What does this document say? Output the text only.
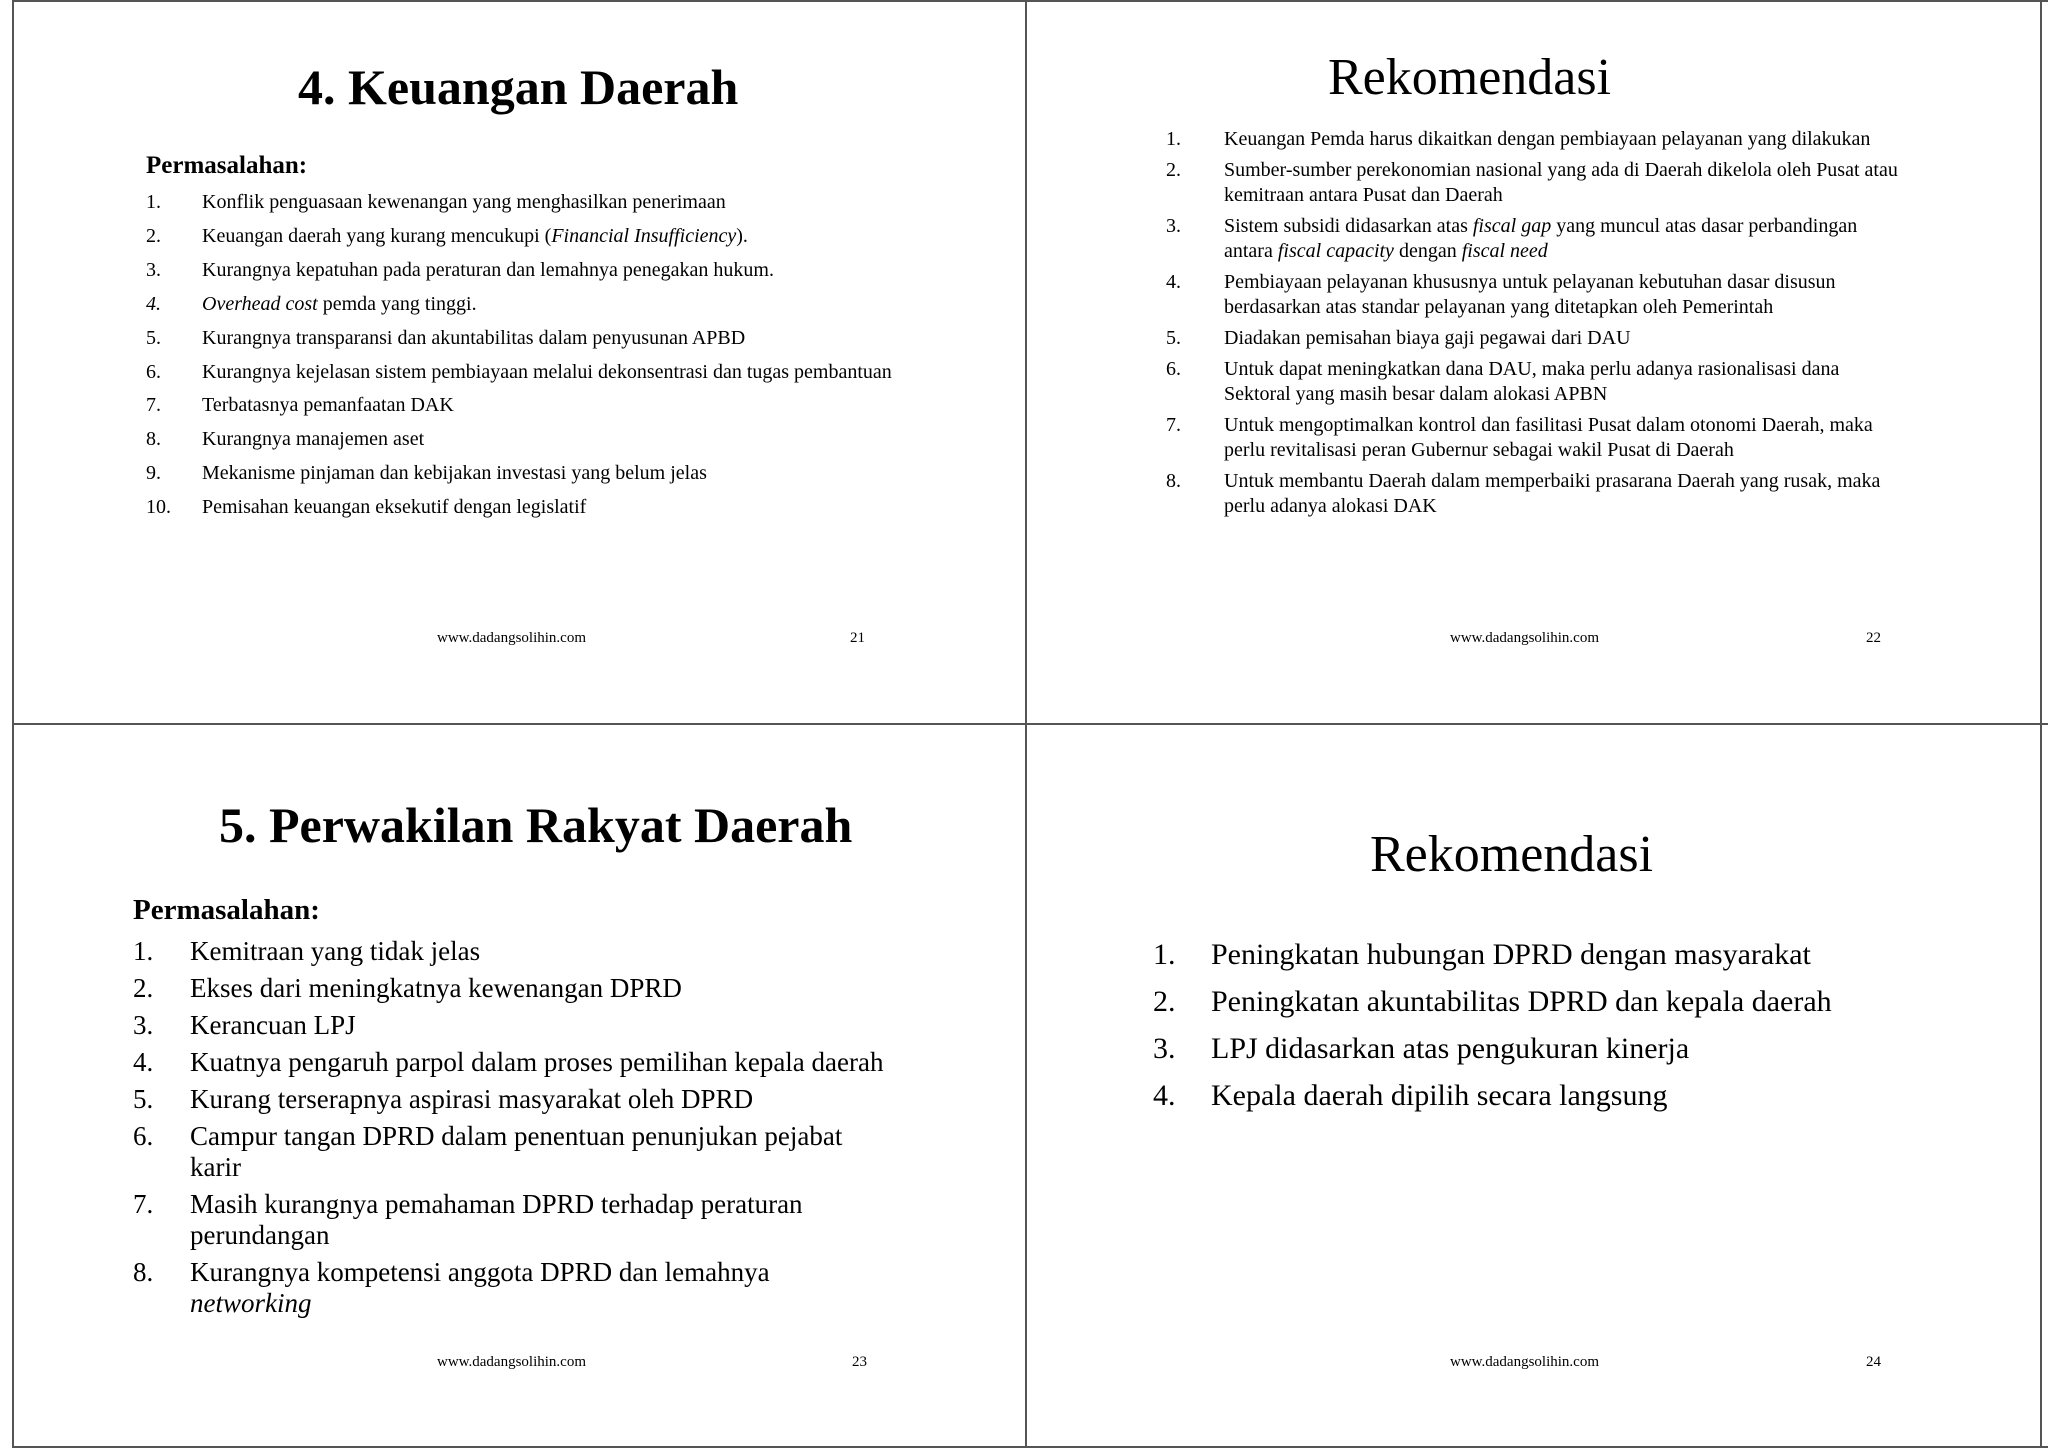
4. Keuangan Daerah
Permasalahan:
1. Konflik penguasaan kewenangan yang menghasilkan penerimaan
2. Keuangan daerah yang kurang mencukupi (Financial Insufficiency).
3. Kurangnya kepatuhan pada peraturan dan lemahnya penegakan hukum.
4. Overhead cost pemda yang tinggi.
5. Kurangnya transparansi dan akuntabilitas dalam penyusunan APBD
6. Kurangnya kejelasan sistem pembiayaan melalui dekonsentrasi dan tugas pembantuan
7. Terbatasnya pemanfaatan DAK
8. Kurangnya manajemen aset
9. Mekanisme pinjaman dan kebijakan investasi yang belum jelas
10. Pemisahan keuangan eksekutif dengan legislatif
www.dadangsolihin.com	21
Rekomendasi
1. Keuangan Pemda harus dikaitkan dengan pembiayaan pelayanan yang dilakukan
2. Sumber-sumber perekonomian nasional yang ada di Daerah dikelola oleh Pusat atau kemitraan antara Pusat dan Daerah
3. Sistem subsidi didasarkan atas fiscal gap yang muncul atas dasar perbandingan antara fiscal capacity dengan fiscal need
4. Pembiayaan pelayanan khususnya untuk pelayanan kebutuhan dasar disusun berdasarkan atas standar pelayanan yang ditetapkan oleh Pemerintah
5. Diadakan pemisahan biaya gaji pegawai dari DAU
6. Untuk dapat meningkatkan dana DAU, maka perlu adanya rasionalisasi dana Sektoral yang masih besar dalam alokasi APBN
7. Untuk mengoptimalkan kontrol dan fasilitasi Pusat dalam otonomi Daerah, maka perlu revitalisasi peran Gubernur sebagai wakil Pusat di Daerah
8. Untuk membantu Daerah dalam memperbaiki prasarana Daerah yang rusak, maka perlu adanya alokasi DAK
www.dadangsolihin.com	22
5. Perwakilan Rakyat Daerah
Permasalahan:
1. Kemitraan yang tidak jelas
2. Ekses dari meningkatnya kewenangan DPRD
3. Kerancuan LPJ
4. Kuatnya pengaruh parpol dalam proses pemilihan kepala daerah
5. Kurang terserapnya aspirasi masyarakat oleh DPRD
6. Campur tangan DPRD dalam penentuan penunjukan pejabat karir
7. Masih kurangnya pemahaman DPRD terhadap peraturan perundangan
8. Kurangnya kompetensi anggota DPRD dan lemahnya networking
www.dadangsolihin.com	23
Rekomendasi
1. Peningkatan hubungan DPRD dengan masyarakat
2. Peningkatan akuntabilitas DPRD dan kepala daerah
3. LPJ didasarkan atas pengukuran kinerja
4. Kepala daerah dipilih secara langsung
www.dadangsolihin.com	24
